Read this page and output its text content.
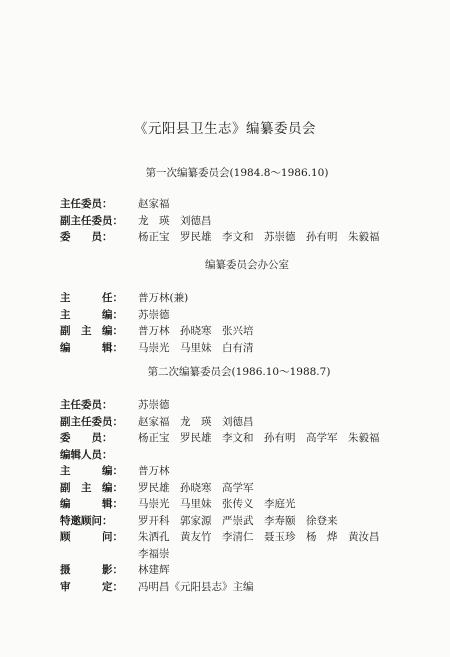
《元阳县卫生志》编纂委员会
第一次编纂委员会(1984.8～1986.10)
主任委员： 赵家福
副主任委员： 龙　瑛　刘德昌
委　　员： 杨正宝　罗民雄　李文和　苏崇德　孙有明　朱毅福
编纂委员会办公室
主　　　任： 普万林(兼)
主　　　编： 苏崇德
副　主　编： 普万林　孙晓寒　张兴培
编　　　辑： 马崇光　马里妹　白有清
第二次编纂委员会(1986.10～1988.7)
主任委员： 苏崇德
副主任委员： 赵家福　龙　瑛　刘德昌
委　　员： 杨正宝　罗民雄　李文和　孙有明　高学军　朱毅福
编辑人员：
主　　　编： 普万林
副　主　编： 罗民雄　孙晓寒　高学军
编　　　辑： 马崇光　马里妹　张传义　李庭光
特邀顾问： 罗开科　郭家源　严崇武　李寿颐　徐登来
顾　　　问： 朱洒孔　黄友竹　李清仁　聂玉珍　杨　烨　黄汝昌
李福崇
摄　　　影： 林建辉
审　　　定： 冯明昌《元阳县志》主编
